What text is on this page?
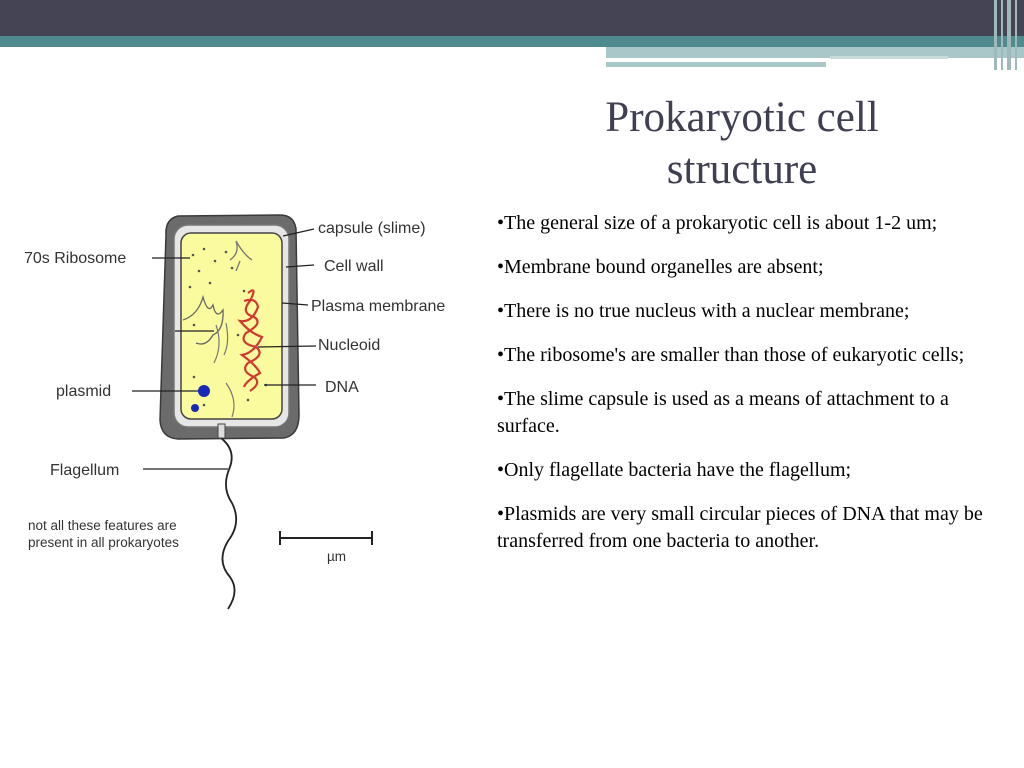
Prokaryotic cell structure

•The general size of a prokaryotic cell is about 1-2 um;

•Membrane bound organelles are absent;

•There is no true nucleus with a nuclear membrane;

•The ribosome's are smaller than those of eukaryotic cells;

•The slime capsule is used as a means of attachment to a surface.

•Only flagellate bacteria have the flagellum;

•Plasmids are very small circular pieces of DNA that may be transferred from one bacteria to another.

capsule (slime)
Cell wall
Plasma membrane
Nucleoid
DNA
70s Ribosome
plasmid
Flagellum
not all these features are
present in all prokaryotes
µm
